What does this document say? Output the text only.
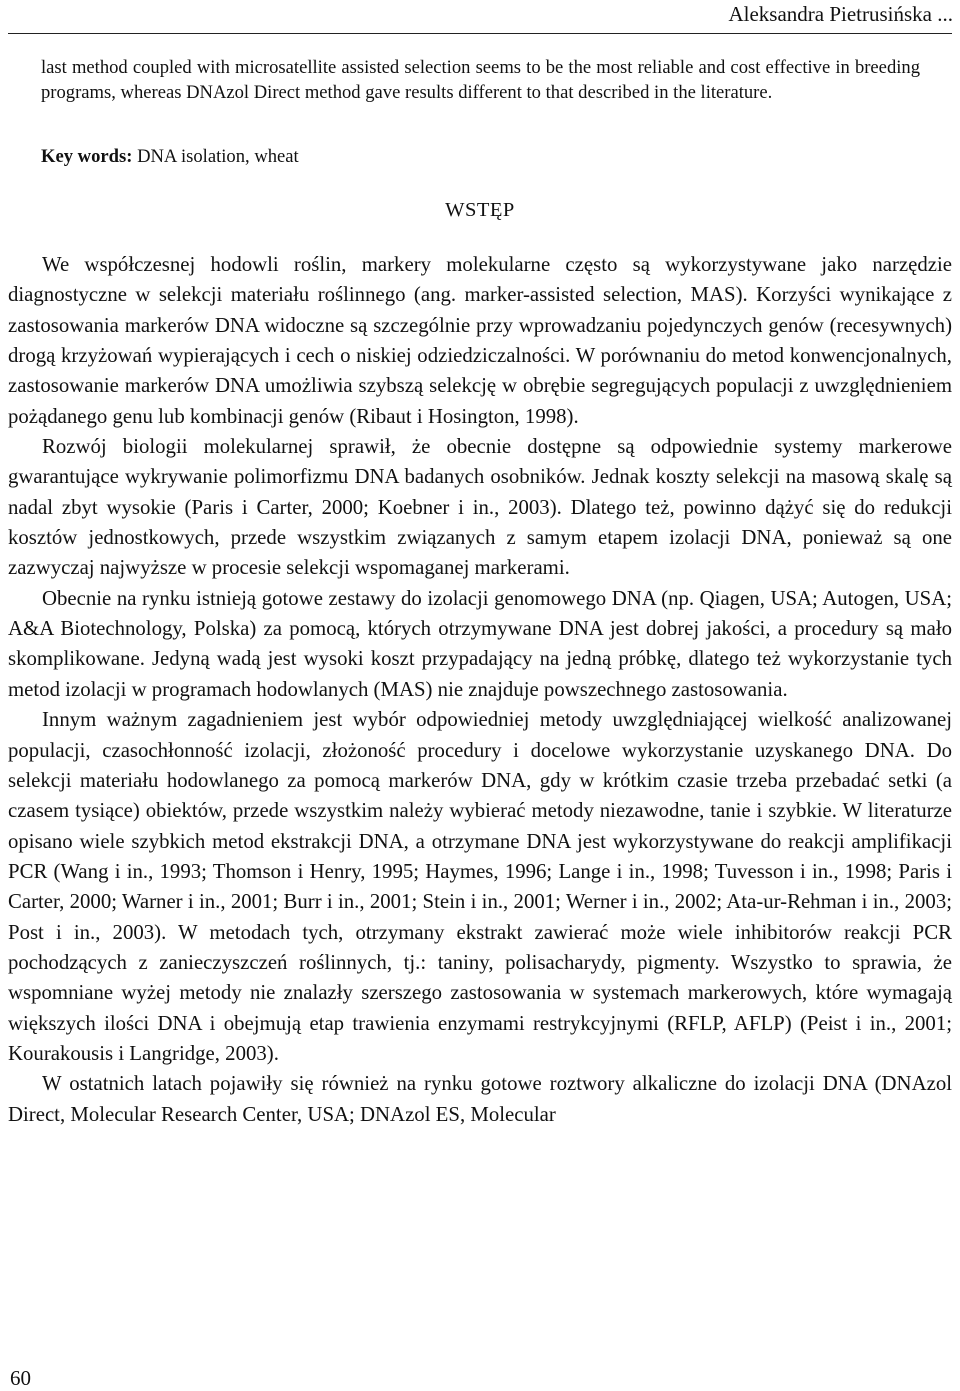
Aleksandra Pietrusińska ...
last method coupled with microsatellite assisted selection seems to be the most reliable and cost effective in breeding programs, whereas DNAzol Direct method gave results different to that described in the literature.
Key words: DNA isolation, wheat
WSTĘP

We współczesnej hodowli roślin, markery molekularne często są wykorzystywane jako narzędzie diagnostyczne w selekcji materiału roślinnego (ang. marker-assisted selection, MAS). Korzyści wynikające z zastosowania markerów DNA widoczne są szczególnie przy wprowadzaniu pojedynczych genów (recesywnych) drogą krzyżowań wypierających i cech o niskiej odziedziczalności. W porównaniu do metod konwencjonalnych, zastosowanie markerów DNA umożliwia szybszą selekcję w obrębie segregujących populacji z uwzględnieniem pożądanego genu lub kombinacji genów (Ribaut i Hosington, 1998).

Rozwój biologii molekularnej sprawił, że obecnie dostępne są odpowiednie systemy markerowe gwarantujące wykrywanie polimorfizmu DNA badanych osobników. Jednak koszty selekcji na masową skalę są nadal zbyt wysokie (Paris i Carter, 2000; Koebner i in., 2003). Dlatego też, powinno dążyć się do redukcji kosztów jednostkowych, przede wszystkim związanych z samym etapem izolacji DNA, ponieważ są one zazwyczaj najwyższe w procesie selekcji wspomaganej markerami.

Obecnie na rynku istnieją gotowe zestawy do izolacji genomowego DNA (np. Qiagen, USA; Autogen, USA; A&A Biotechnology, Polska) za pomocą, których otrzymywane DNA jest dobrej jakości, a procedury są mało skomplikowane. Jedyną wadą jest wysoki koszt przypadający na jedną próbkę, dlatego też wykorzystanie tych metod izolacji w programach hodowlanych (MAS) nie znajduje powszechnego zastosowania.

Innym ważnym zagadnieniem jest wybór odpowiedniej metody uwzględniającej wielkość analizowanej populacji, czasochłonność izolacji, złożoność procedury i docelowe wykorzystanie uzyskanego DNA. Do selekcji materiału hodowlanego za pomocą markerów DNA, gdy w krótkim czasie trzeba przebadać setki (a czasem tysiące) obiektów, przede wszystkim należy wybierać metody niezawodne, tanie i szybkie. W literaturze opisano wiele szybkich metod ekstrakcji DNA, a otrzymane DNA jest wykorzystywane do reakcji amplifikacji PCR (Wang i in., 1993; Thomson i Henry, 1995; Haymes, 1996; Lange i in., 1998; Tuvesson i in., 1998; Paris i Carter, 2000; Warner i in., 2001; Burr i in., 2001; Stein i in., 2001; Werner i in., 2002; Ata-ur-Rehman i in., 2003; Post i in., 2003). W metodach tych, otrzymany ekstrakt zawierać może wiele inhibitorów reakcji PCR pochodzących z zanieczyszczeń roślinnych, tj.: taniny, polisacharydy, pigmenty. Wszystko to sprawia, że wspomniane wyżej metody nie znalazły szerszego zastosowania w systemach markerowych, które wymagają większych ilości DNA i obejmują etap trawienia enzymami restrykcyjnymi (RFLP, AFLP) (Peist i in., 2001; Kourakousis i Langridge, 2003).

W ostatnich latach pojawiły się również na rynku gotowe roztwory alkaliczne do izolacji DNA (DNAzol Direct, Molecular Research Center, USA; DNAzol ES, Molecular

60
